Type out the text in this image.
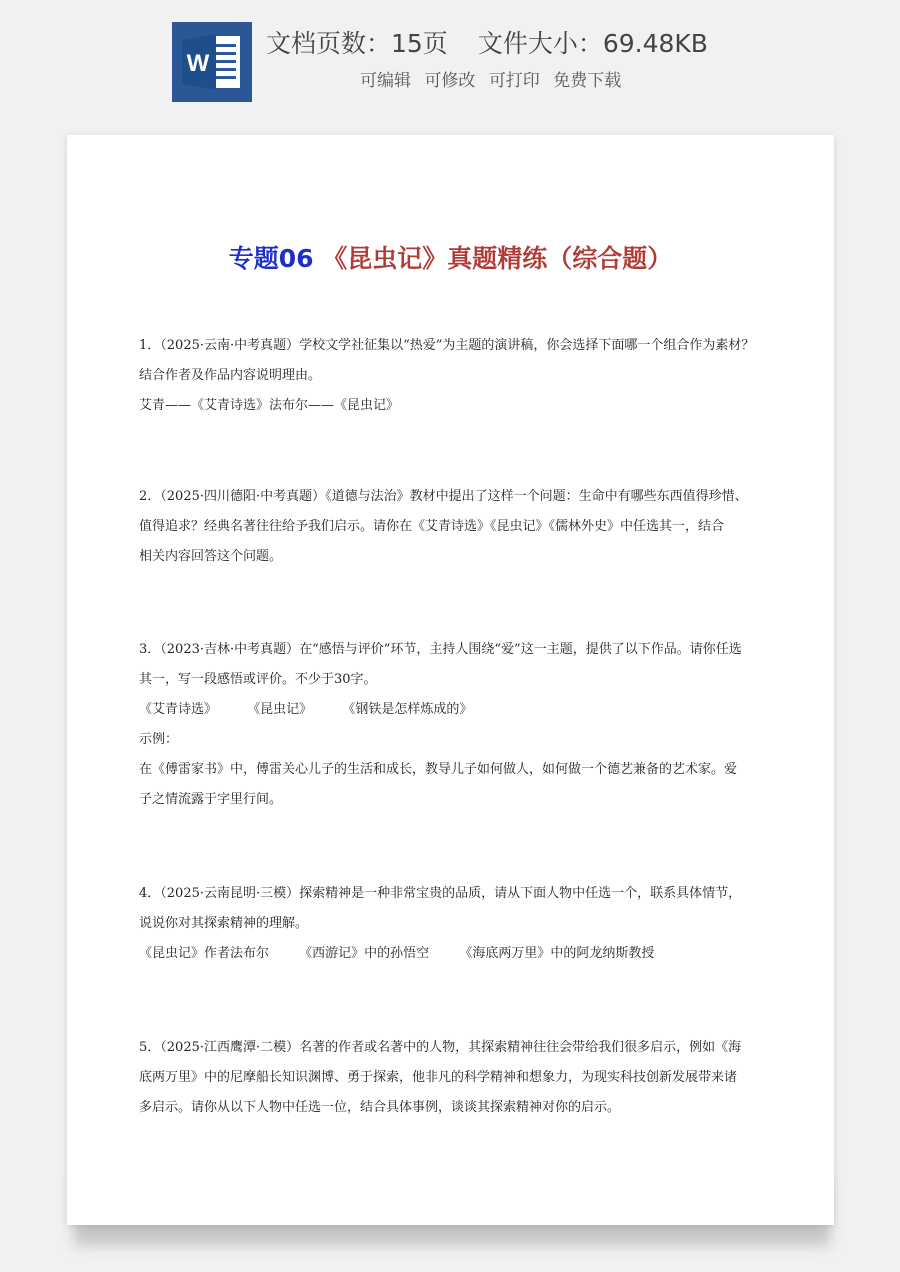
W
文档页数：15页 文件大小：69.48KB
可编辑 可修改 可打印 免费下载
专题06 《昆虫记》真题精练（综合题）

1．（2025·云南·中考真题）学校文学社征集以“热爱”为主题的演讲稿，你会选择下面哪一个组合作为素材？

结合作者及作品内容说明理由。

艾青——《艾青诗选》法布尔——《昆虫记》

2．（2025·四川德阳·中考真题）《道德与法治》教材中提出了这样一个问题：生命中有哪些东西值得珍惜、

值得追求？经典名著往往给予我们启示。请你在《艾青诗选》《昆虫记》《儒林外史》中任选其一，结合

相关内容回答这个问题。

3．（2023·吉林·中考真题）在“感悟与评价”环节，主持人围绕“爱”这一主题，提供了以下作品。请你任选

其一，写一段感悟或评价。不少于30字。

《艾青诗选》 《昆虫记》 《钢铁是怎样炼成的》

示例：

在《傅雷家书》中，傅雷关心儿子的生活和成长，教导儿子如何做人，如何做一个德艺兼备的艺术家。爱

子之情流露于字里行间。

4．（2025·云南昆明·三模）探索精神是一种非常宝贵的品质，请从下面人物中任选一个，联系具体情节，

说说你对其探索精神的理解。

《昆虫记》作者法布尔 《西游记》中的孙悟空 《海底两万里》中的阿龙纳斯教授

5．（2025·江西鹰潭·二模）名著的作者或名著中的人物，其探索精神往往会带给我们很多启示，例如《海

底两万里》中的尼摩船长知识渊博、勇于探索，他非凡的科学精神和想象力，为现实科技创新发展带来诸

多启示。请你从以下人物中任选一位，结合具体事例，谈谈其探索精神对你的启示。
